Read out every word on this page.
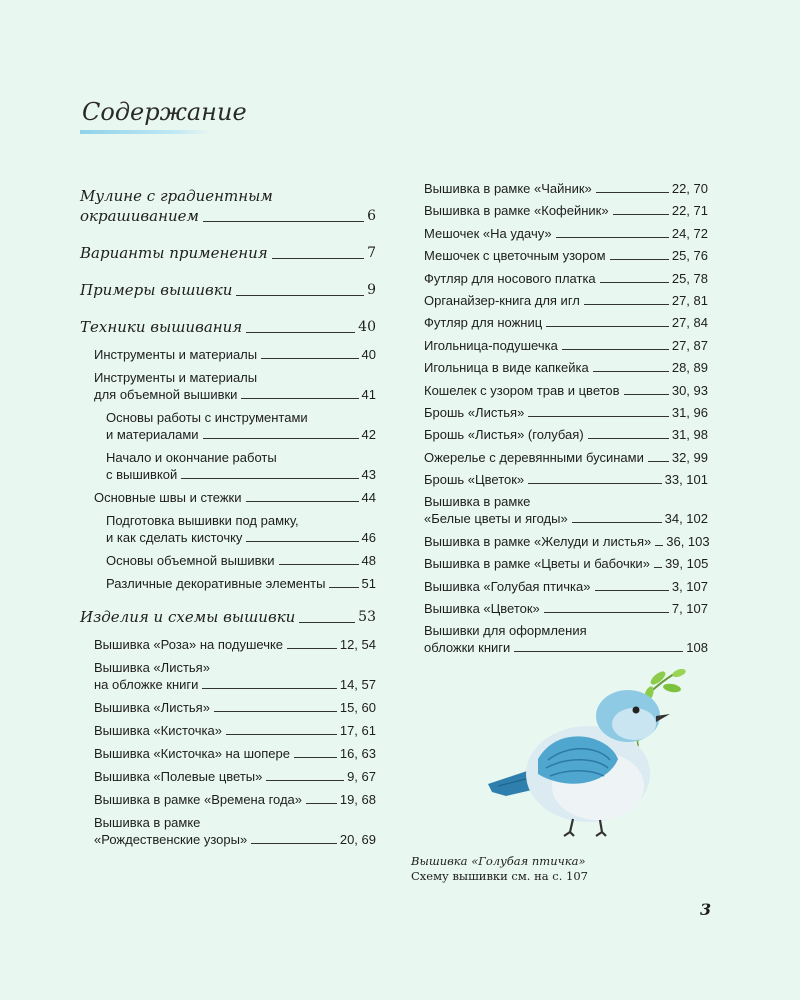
Содержание
Мулине с градиентным
окрашиванием	6
Варианты применения	7
Примеры вышивки	9
Техники вышивания	40
Инструменты и материалы	40
Инструменты и материалы
для объемной вышивки	41
Основы работы с инструментами
и материалами	42
Начало и окончание работы
с вышивкой	43
Основные швы и стежки	44
Подготовка вышивки под рамку,
и как сделать кисточку	46
Основы объемной вышивки	48
Различные декоративные элементы	51
Изделия и схемы вышивки	53
Вышивка «Роза» на подушечке	12, 54
Вышивка «Листья»
на обложке книги	14, 57
Вышивка «Листья»	15, 60
Вышивка «Кисточка»	17, 61
Вышивка «Кисточка» на шопере	16, 63
Вышивка «Полевые цветы»	9, 67
Вышивка в рамке «Времена года»	19, 68
Вышивка в рамке
«Рождественские узоры»	20, 69
Вышивка в рамке «Чайник»	22, 70
Вышивка в рамке «Кофейник»	22, 71
Мешочек «На удачу»	24, 72
Мешочек с цветочным узором	25, 76
Футляр для носового платка	25, 78
Органайзер-книга для игл	27, 81
Футляр для ножниц	27, 84
Игольница-подушечка	27, 87
Игольница в виде капкейка	28, 89
Кошелек с узором трав и цветов	30, 93
Брошь «Листья»	31, 96
Брошь «Листья» (голубая)	31, 98
Ожерелье с деревянными бусинами 32, 99
Брошь «Цветок»	33, 101
Вышивка в рамке
«Белые цветы и ягоды»	34, 102
Вышивка в рамке «Желуди и листья» 36, 103
Вышивка в рамке «Цветы и бабочки» 39, 105
Вышивка «Голубая птичка»	3, 107
Вышивка «Цветок»	7, 107
Вышивки для оформления
обложки книги	108
Вышивка «Голубая птичка»
Схему вышивки см. на с. 107
3
